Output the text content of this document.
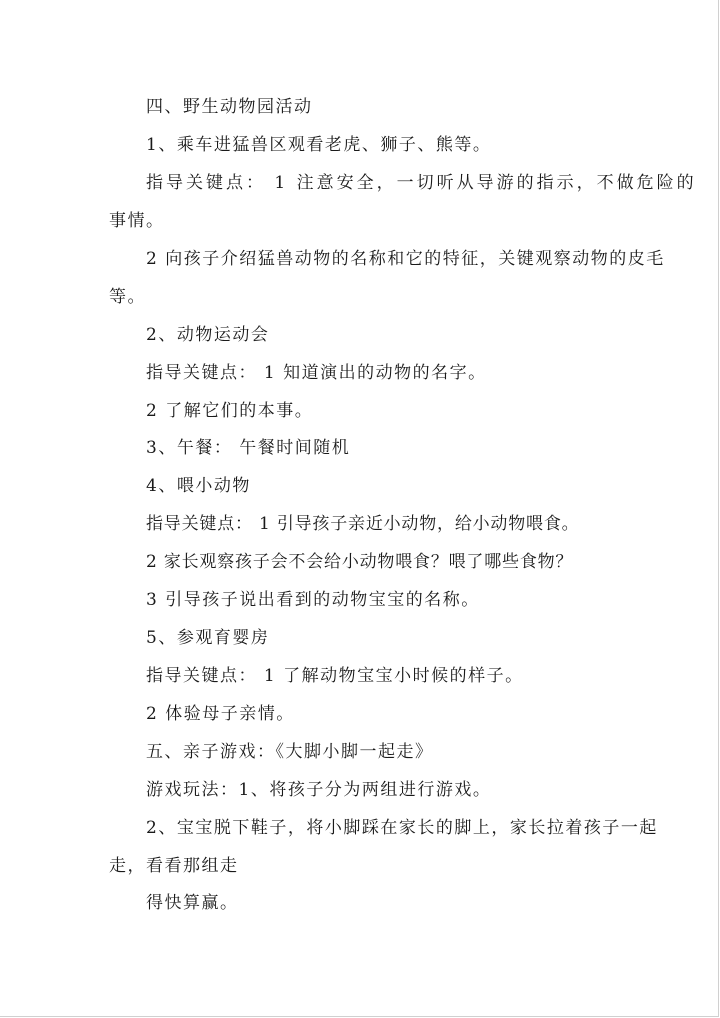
四、野生动物园活动
1、乘车进猛兽区观看老虎、狮子、熊等。
指导关键点： 1 注意安全，一切听从导游的指示，不做危险的
事情。
2 向孩子介绍猛兽动物的名称和它的特征，关键观察动物的皮毛
等。
2、动物运动会
指导关键点： 1 知道演出的动物的名字。
2 了解它们的本事。
3、午餐： 午餐时间随机
4、喂小动物
指导关键点： 1 引导孩子亲近小动物，给小动物喂食。
2 家长观察孩子会不会给小动物喂食？喂了哪些食物？
3 引导孩子说出看到的动物宝宝的名称。
5、参观育婴房
指导关键点： 1 了解动物宝宝小时候的样子。
2 体验母子亲情。
五、亲子游戏：《大脚小脚一起走》
游戏玩法：1、将孩子分为两组进行游戏。
2、宝宝脱下鞋子，将小脚踩在家长的脚上，家长拉着孩子一起
走，看看那组走
得快算赢。
